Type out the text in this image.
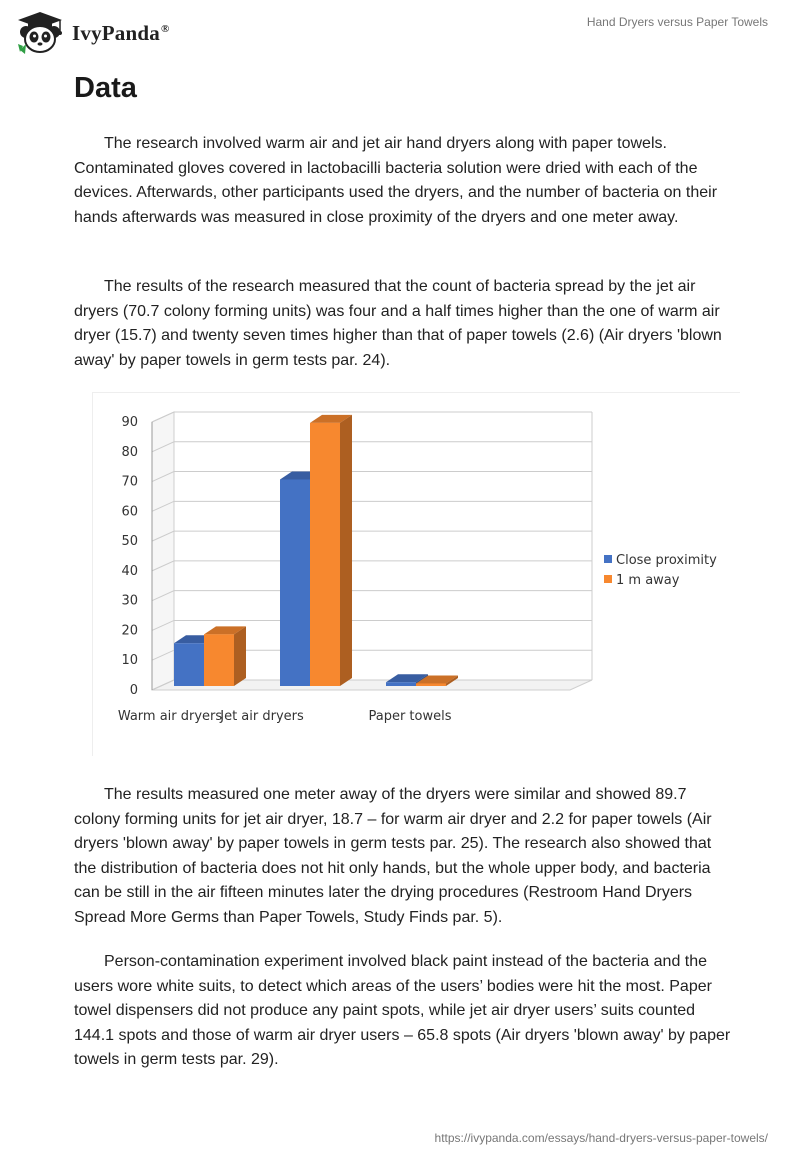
IvyPanda®	Hand Dryers versus Paper Towels
Data

The research involved warm air and jet air hand dryers along with paper towels. Contaminated gloves covered in lactobacilli bacteria solution were dried with each of the devices. Afterwards, other participants used the dryers, and the number of bacteria on their hands afterwards was measured in close proximity of the dryers and one meter away.

The results of the research measured that the count of bacteria spread by the jet air dryers (70.7 colony forming units) was four and a half times higher than the one of warm air dryer (15.7) and twenty seven times higher than that of paper towels (2.6) (Air dryers 'blown away' by paper towels in germ tests par. 24).

0
10
20
30
40
50
60
70
80
90
Warm air dryers
Jet air dryers	Paper towels
Close proximity
1 m away

The results measured one meter away of the dryers were similar and showed 89.7 colony forming units for jet air dryer, 18.7 – for warm air dryer and 2.2 for paper towels (Air dryers 'blown away' by paper towels in germ tests par. 25). The research also showed that the distribution of bacteria does not hit only hands, but the whole upper body, and bacteria can be still in the air fifteen minutes later the drying procedures (Restroom Hand Dryers Spread More Germs than Paper Towels, Study Finds par. 5).

Person-contamination experiment involved black paint instead of the bacteria and the users wore white suits, to detect which areas of the users’ bodies were hit the most. Paper towel dispensers did not produce any paint spots, while jet air dryer users’ suits counted 144.1 spots and those of warm air dryer users – 65.8 spots (Air dryers 'blown away' by paper towels in germ tests par. 29).

https://ivypanda.com/essays/hand-dryers-versus-paper-towels/
